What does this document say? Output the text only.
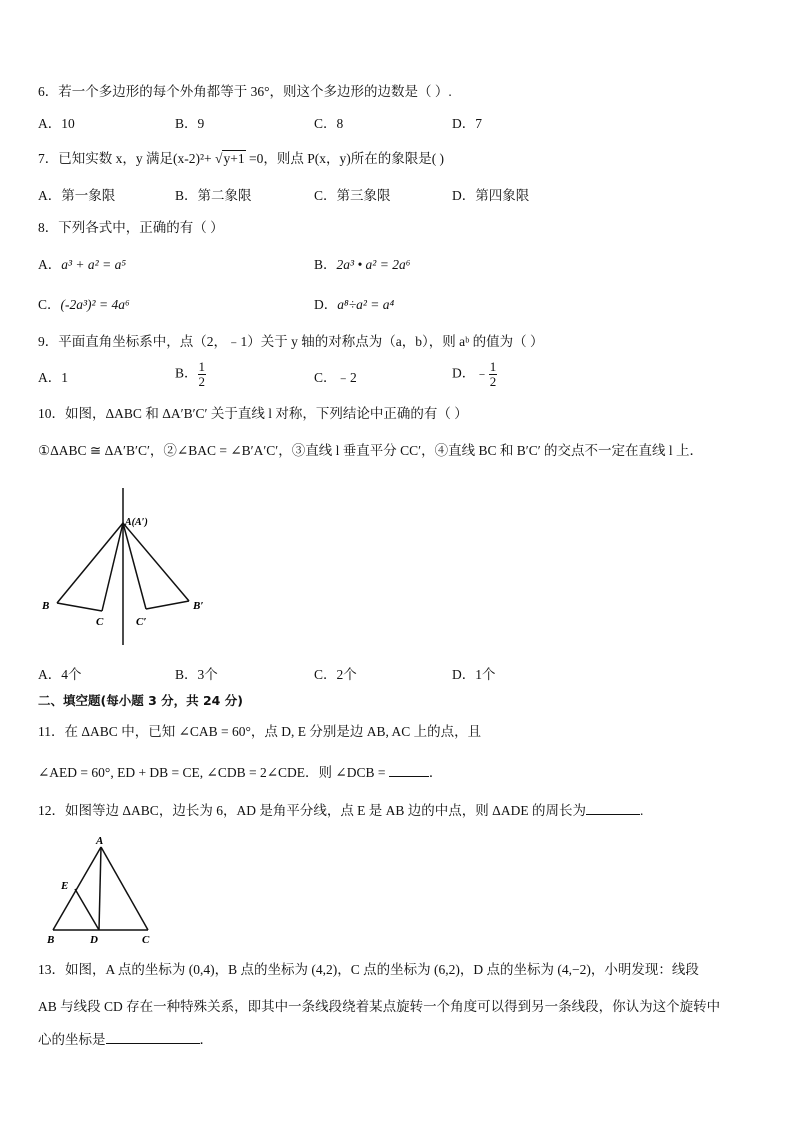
6．若一个多边形的每个外角都等于 36°，则这个多边形的边数是（ ）.
A．10	B．9	C．8	D．7
7．已知实数 x，y 满足(x-2)²+ √y+1 =0，则点 P(x，y)所在的象限是( )
A．第一象限	B．第二象限	C．第三象限	D．第四象限
8．下列各式中，正确的有（ ）
A．a³ + a² = a⁵	B．2a³ • a² = 2a⁶
C．(-2a³)² = 4a⁶	D．a⁸÷a² = a⁴
9．平面直角坐标系中，点（2，﹣1）关于 y 轴的对称点为（a，b），则 aᵇ 的值为（ ）
A．1	B． $\frac{1}{2}$	C．﹣2	D．﹣ $\frac{1}{2}$
10．如图，ΔABC 和 ΔA′B′C′ 关于直线 l 对称，下列结论中正确的有（ ）
①ΔABC ≅ ΔA′B′C′，②∠BAC = ∠B′A′C′，③直线 l 垂直平分 CC′，④直线 BC 和 B′C′ 的交点不一定在直线 l 上．
A(A′)
B
C	C′
B′
A．4个	B．3个	C．2个	D．1个
二、填空题(每小题 3 分，共 24 分)
11．在 ΔABC 中，已知 ∠CAB = 60°，点 D, E 分别是边 AB, AC 上的点，且
∠AED = 60°, ED + DB = CE, ∠CDB = 2∠CDE．则 ∠DCB =	．
12．如图等边 ΔABC，边长为 6，AD 是角平分线，点 E 是 AB 边的中点，则 ΔADE 的周长为	.
A
E
B	D	C
13．如图，A 点的坐标为 (0,4)，B 点的坐标为 (4,2)，C 点的坐标为 (6,2)，D 点的坐标为 (4,−2)，小明发现：线段
AB 与线段 CD 存在一种特殊关系，即其中一条线段绕着某点旋转一个角度可以得到另一条线段，你认为这个旋转中
心的坐标是	．
